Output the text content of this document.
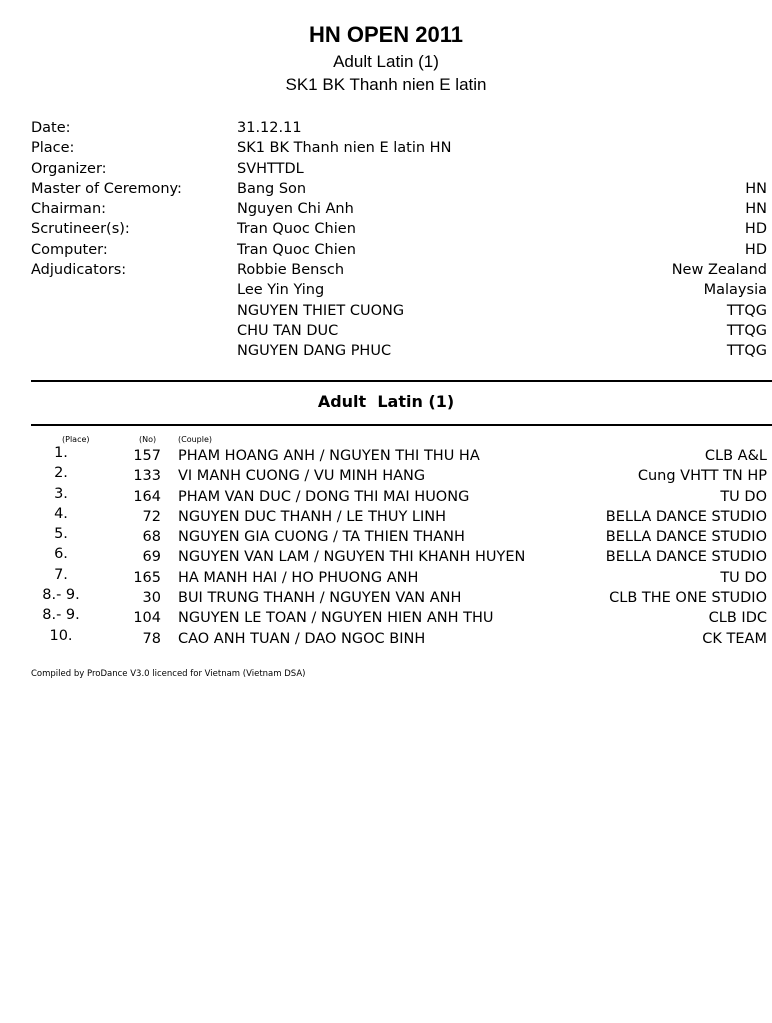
HN OPEN 2011
Adult Latin (1)
SK1 BK Thanh nien E latin
Date:	31.12.11
Place:	SK1 BK Thanh nien E latin HN
Organizer:	SVHTTDL
Master of Ceremony:	Bang Son	HN
Chairman:	Nguyen Chi Anh	HN
Scrutineer(s):	Tran Quoc Chien	HD
Computer:	Tran Quoc Chien	HD
Adjudicators:	Robbie Bensch	New Zealand
Lee Yin Ying	Malaysia
NGUYEN THIET CUONG	TTQG
CHU TAN DUC	TTQG
NGUYEN DANG PHUC	TTQG
Adult  Latin (1)
(Place)	(No)	(Couple)
1.	157 PHAM HOANG ANH / NGUYEN THI THU HA	CLB A&L
2.	133 VI MANH CUONG / VU MINH HANG	Cung VHTT TN HP
3.	164 PHAM VAN DUC / DONG THI MAI HUONG	TU DO
4.	72 NGUYEN DUC THANH / LE THUY LINH	BELLA DANCE STUDIO
5.	68 NGUYEN GIA CUONG / TA THIEN THANH	BELLA DANCE STUDIO
6.	69 NGUYEN VAN LAM / NGUYEN THI KHANH HUYEN	BELLA DANCE STUDIO
7.	165 HA MANH HAI / HO PHUONG ANH	TU DO
8.- 9.	30 BUI TRUNG THANH / NGUYEN VAN ANH	CLB THE ONE STUDIO
8.- 9.	104 NGUYEN LE TOAN / NGUYEN HIEN ANH THU	CLB IDC
10.	78 CAO ANH TUAN / DAO NGOC BINH	CK TEAM
Compiled by ProDance V3.0 licenced for Vietnam (Vietnam DSA)
